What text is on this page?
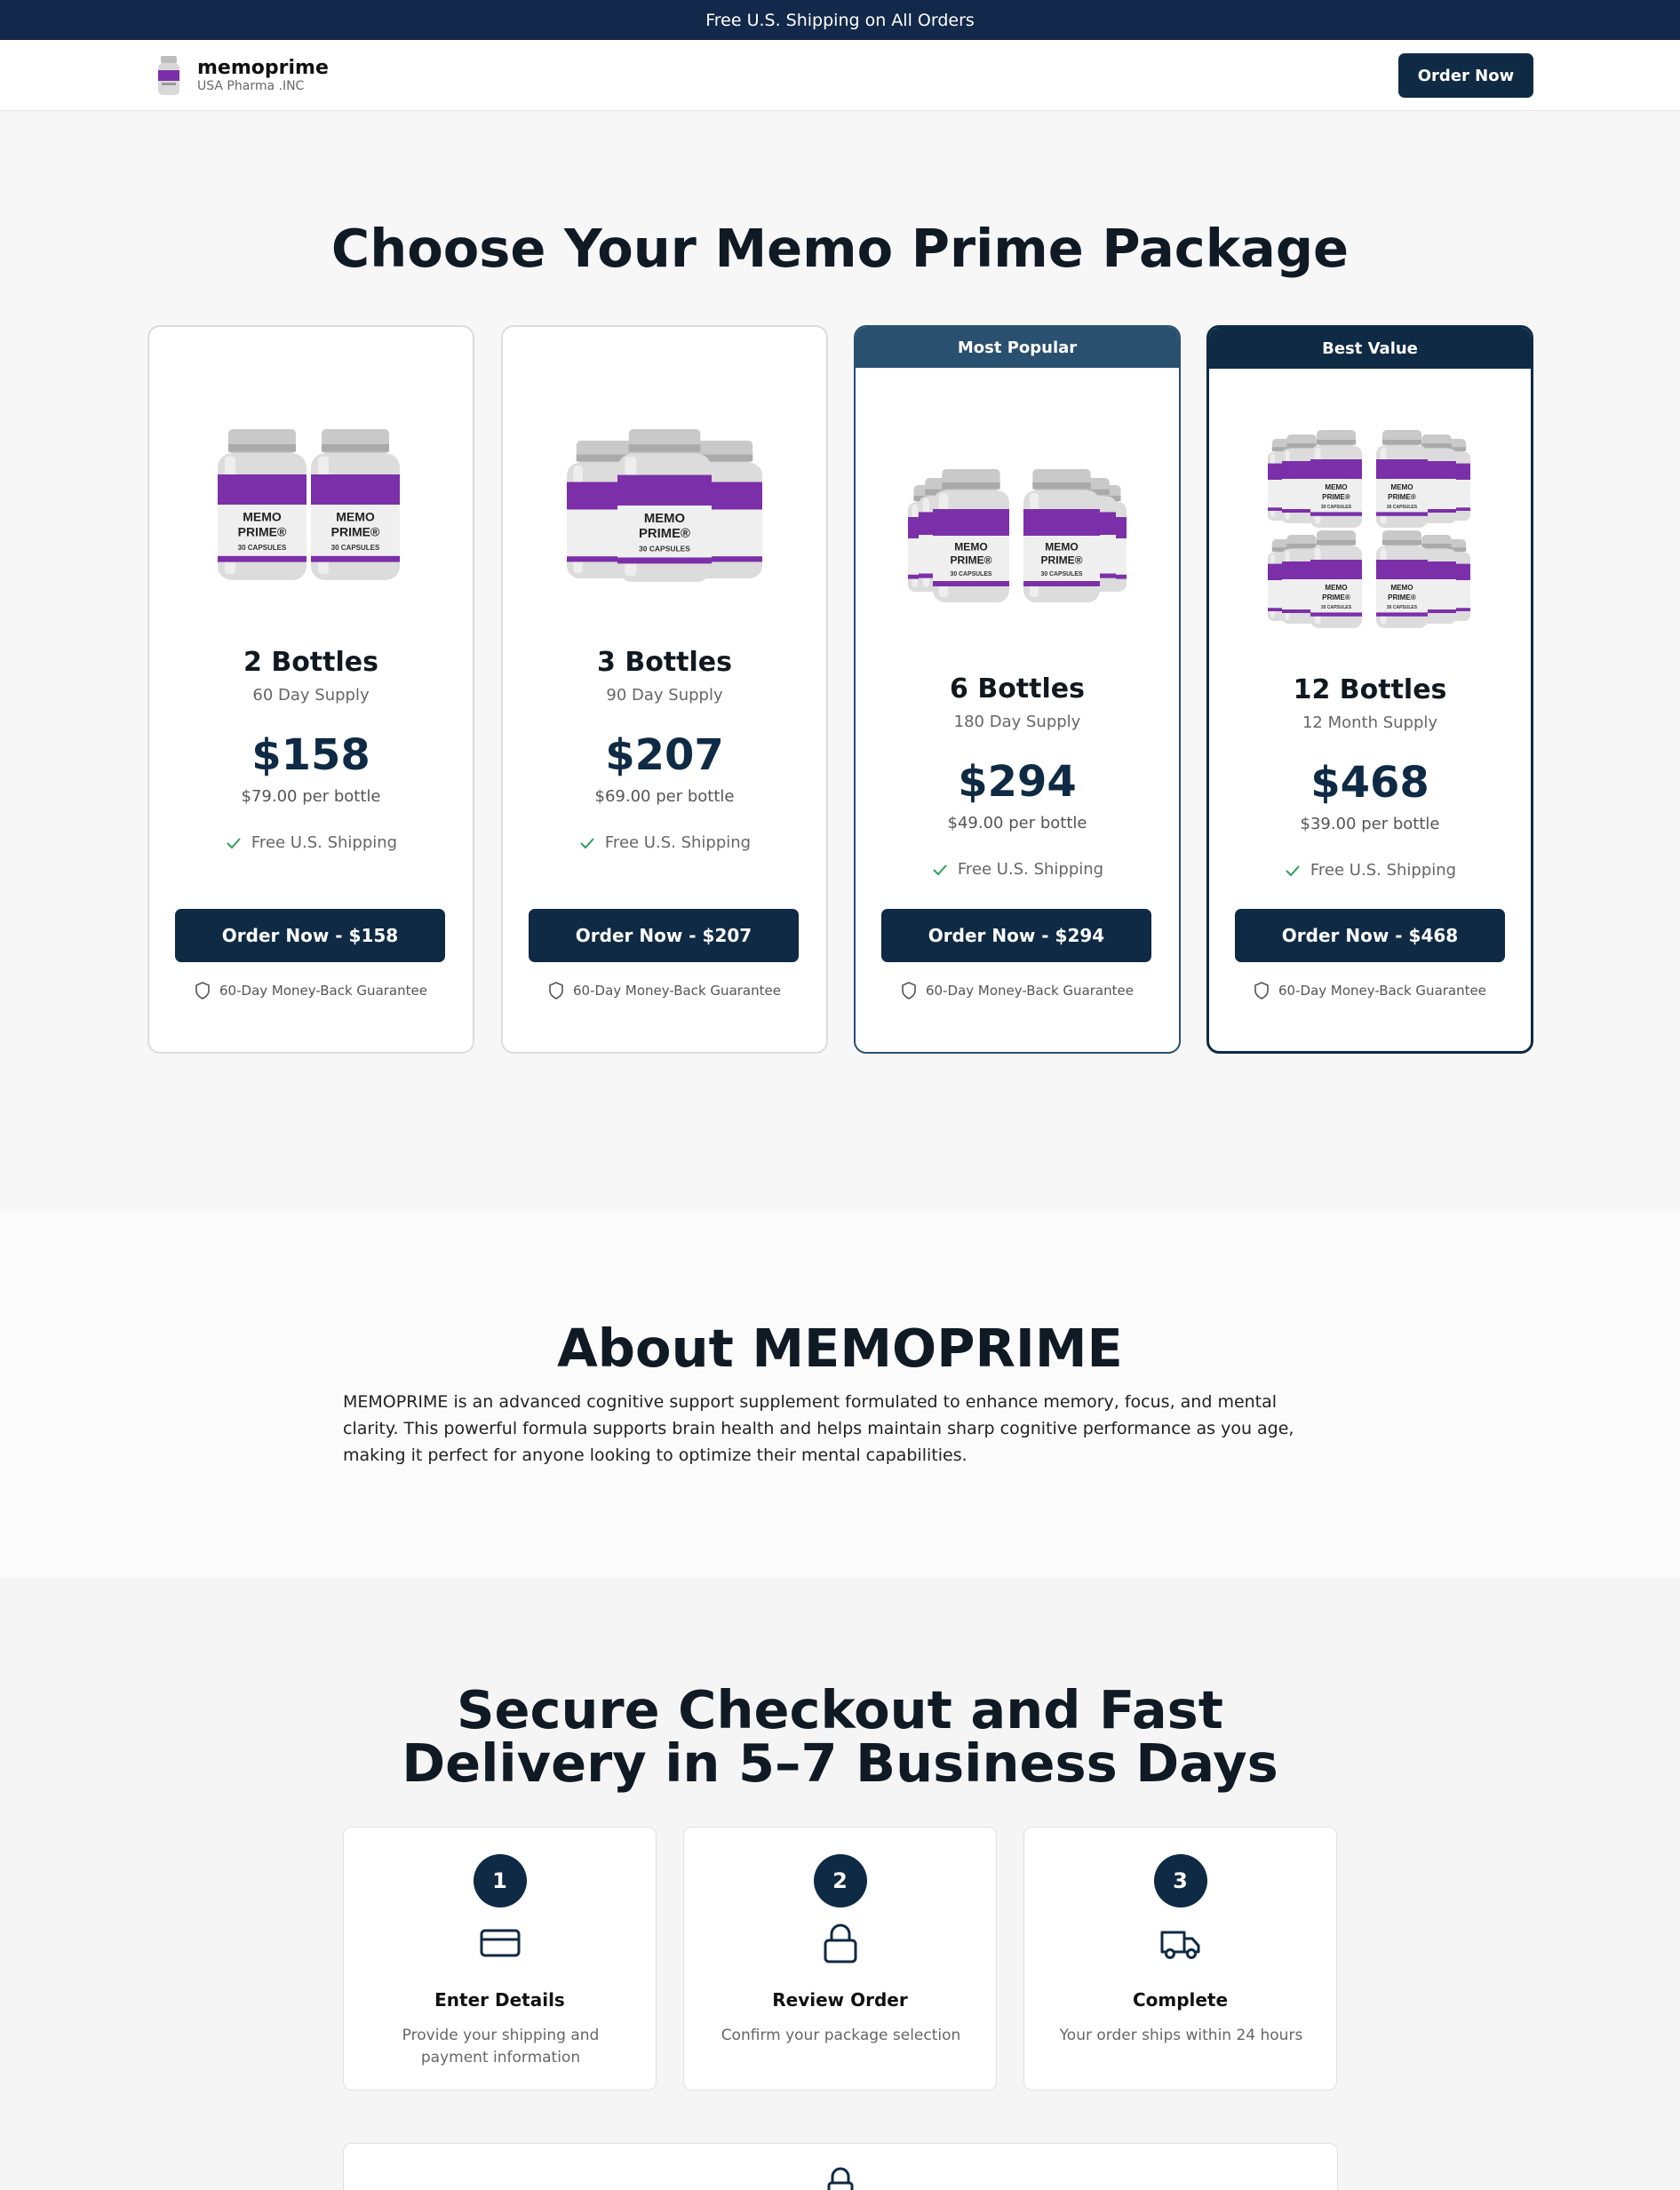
Free U.S. Shipping on All Orders
memoprime
USA Pharma .INC
Order Now
Choose Your Memo Prime Package
MEMO
PRIME®
30 CAPSULES
MEMO
PRIME®
30 CAPSULES
2 Bottles
60 Day Supply
$158
$79.00 per bottle
Free U.S. Shipping
Order Now - $158
60-Day Money-Back Guarantee
MEMO
PRIME®
30 CAPSULES
3 Bottles
90 Day Supply
$207
$69.00 per bottle
Free U.S. Shipping
Order Now - $207
60-Day Money-Back Guarantee
Most Popular
MEMO
PRIME®
30 CAPSULES
MEMO
PRIME®
30 CAPSULES
6 Bottles
180 Day Supply
$294
$49.00 per bottle
Free U.S. Shipping
Order Now - $294
60-Day Money-Back Guarantee
Best Value
MEMO
PRIME®
30 CAPSULES
MEMO
PRIME®
30 CAPSULES
MEMO
PRIME®
30 CAPSULES
MEMO
PRIME®
30 CAPSULES
12 Bottles
12 Month Supply
$468
$39.00 per bottle
Free U.S. Shipping
Order Now - $468
60-Day Money-Back Guarantee
About MEMOPRIME
MEMOPRIME is an advanced cognitive support supplement formulated to enhance memory, focus, and mental clarity. This powerful formula supports brain health and helps maintain sharp cognitive performance as you age, making it perfect for anyone looking to optimize their mental capabilities.
Secure Checkout and Fast
Delivery in 5–7 Business Days
1
Enter Details
Provide your shipping and payment information
2
Review Order
Confirm your package selection
3
Complete
Your order ships within 24 hours
